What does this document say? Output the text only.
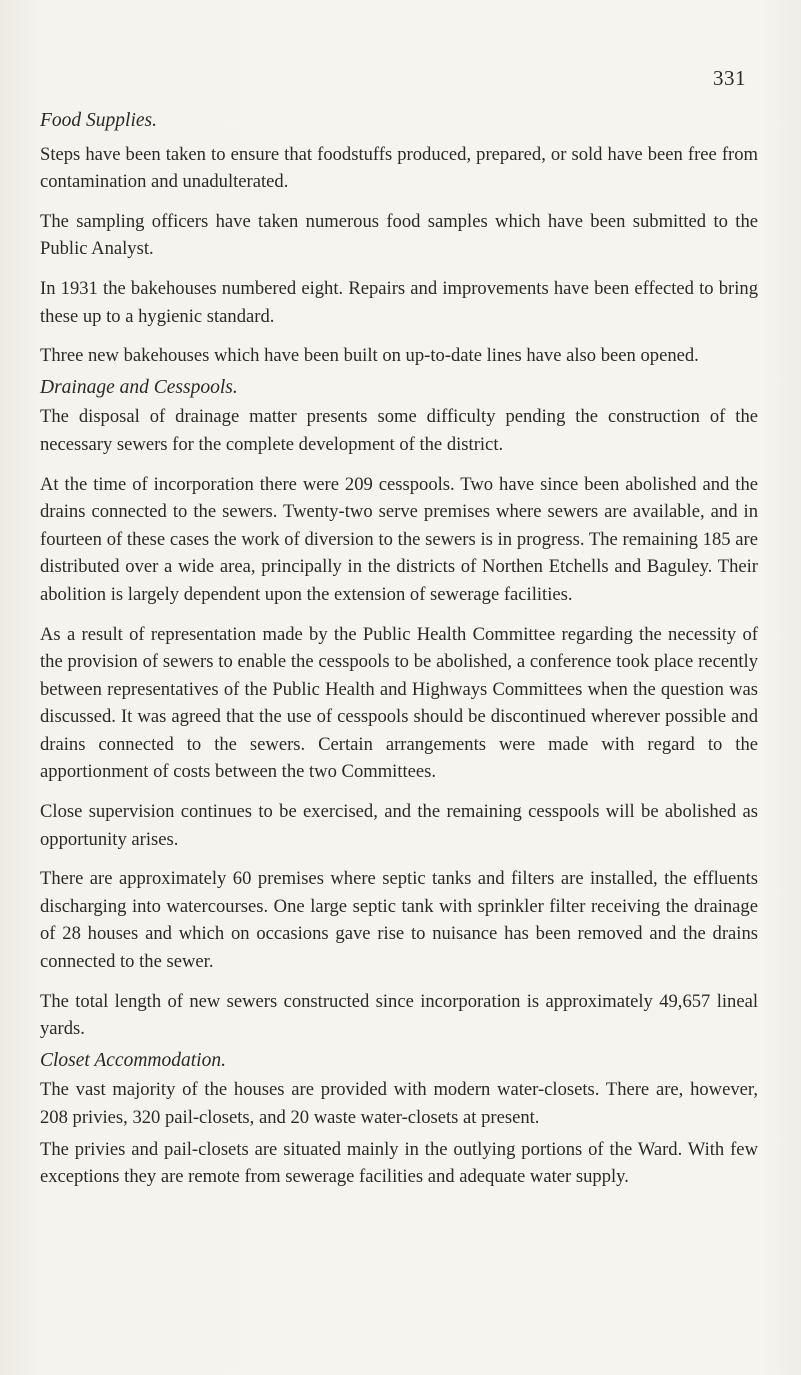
331
Food Supplies.

Steps have been taken to ensure that foodstuffs produced, prepared, or sold have been free from contamination and unadulterated.

The sampling officers have taken numerous food samples which have been submitted to the Public Analyst.

In 1931 the bakehouses numbered eight. Repairs and improvements have been effected to bring these up to a hygienic standard.

Three new bakehouses which have been built on up-to-date lines have also been opened.

Drainage and Cesspools.

The disposal of drainage matter presents some difficulty pending the construction of the necessary sewers for the complete development of the district.

At the time of incorporation there were 209 cesspools. Two have since been abolished and the drains connected to the sewers. Twenty-two serve premises where sewers are available, and in fourteen of these cases the work of diversion to the sewers is in progress. The remaining 185 are distributed over a wide area, principally in the districts of Northen Etchells and Baguley. Their abolition is largely dependent upon the extension of sewerage facilities.

As a result of representation made by the Public Health Committee regarding the necessity of the provision of sewers to enable the cesspools to be abolished, a conference took place recently between representatives of the Public Health and Highways Committees when the question was discussed. It was agreed that the use of cesspools should be discontinued wherever possible and drains connected to the sewers. Certain arrangements were made with regard to the apportionment of costs between the two Committees.

Close supervision continues to be exercised, and the remaining cesspools will be abolished as opportunity arises.

There are approximately 60 premises where septic tanks and filters are installed, the effluents discharging into watercourses. One large septic tank with sprinkler filter receiving the drainage of 28 houses and which on occasions gave rise to nuisance has been removed and the drains connected to the sewer.

The total length of new sewers constructed since incorporation is approximately 49,657 lineal yards.

Closet Accommodation.

The vast majority of the houses are provided with modern water-closets. There are, however, 208 privies, 320 pail-closets, and 20 waste water-closets at present.

The privies and pail-closets are situated mainly in the outlying portions of the Ward. With few exceptions they are remote from sewerage facilities and adequate water supply.
